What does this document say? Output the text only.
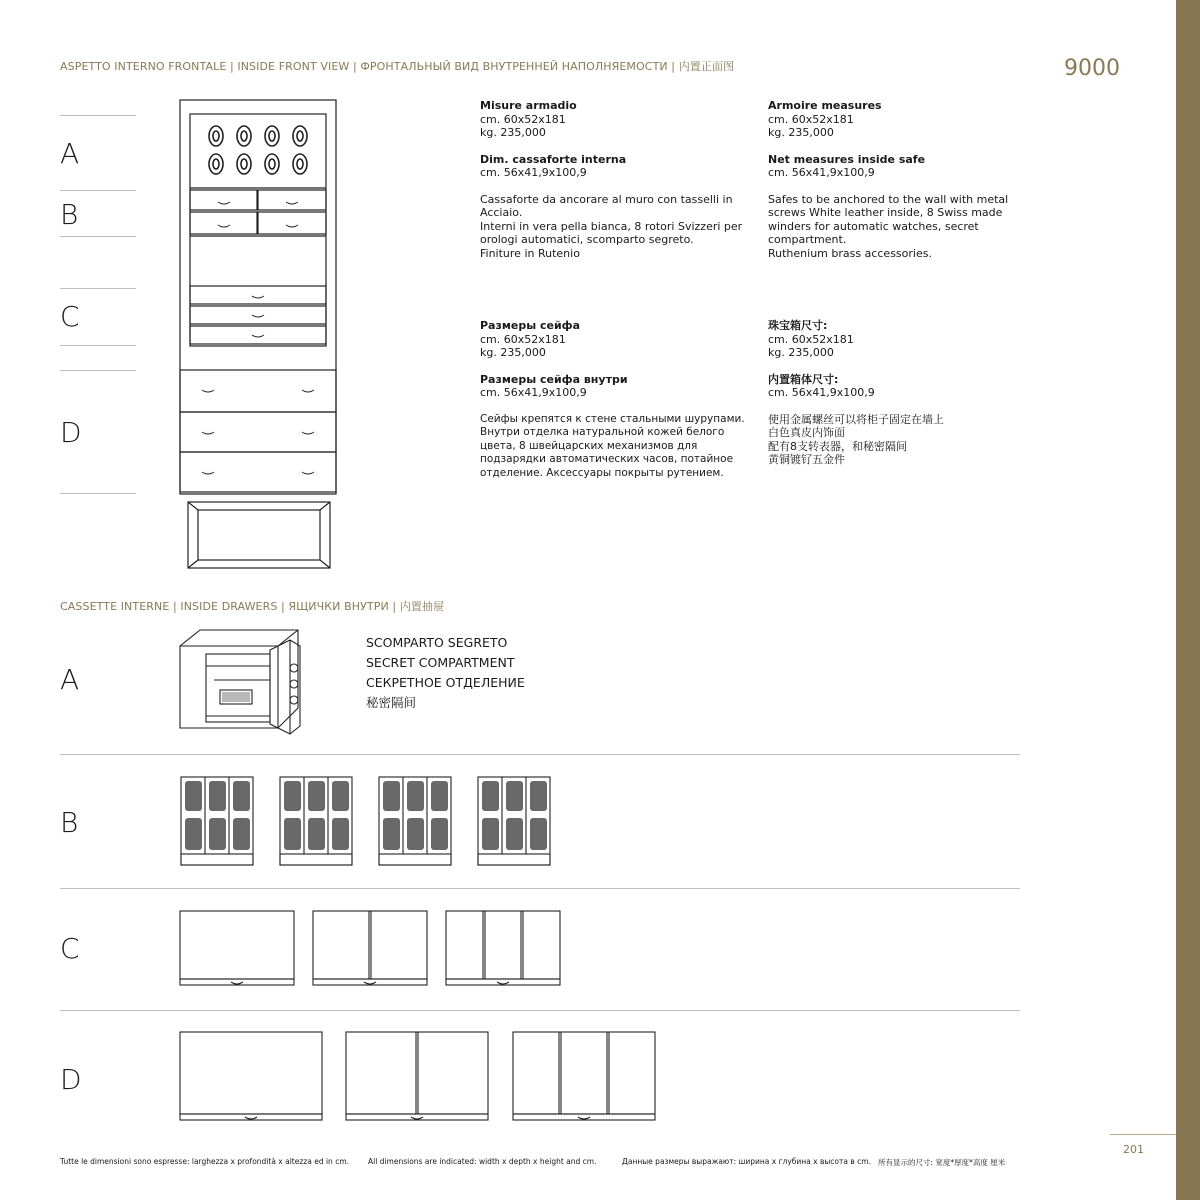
ASPETTO INTERNO FRONTALE | INSIDE FRONT VIEW | ФРОНТАЛЬНЫЙ ВИД ВНУТРЕННЕЙ НАПОЛНЯЕМОСТИ | 内置正面图	9000
A
B
C
D

Misure armadio

cm. 60x52x181

kg. 235,000

Dim. cassaforte interna

cm. 56x41,9x100,9

Cassaforte da ancorare al muro con tasselli in

Acciaio.

Interni in vera pella bianca, 8 rotori Svizzeri per

orologi automatici, scomparto segreto.

Finiture in Rutenio

Armoire measures

cm. 60x52x181

kg. 235,000

Net measures inside safe

cm. 56x41,9x100,9

Safes to be anchored to the wall with metal

screws White leather inside, 8 Swiss made

winders for automatic watches, secret

compartment.

Ruthenium brass accessories.

Размеры сейфа

cm. 60x52x181

kg. 235,000

Размеры сейфа внутри

cm. 56x41,9x100,9

Сейфы крепятся к стене стальными шурупами.

Внутри отделка натуральной кожей белого

цвета, 8 швейцарских механизмов для

подзарядки автоматических часов, потайное

отделение. Аксессуары покрыты рутением.

珠宝箱尺寸:

cm. 60x52x181

kg. 235,000

内置箱体尺寸:

cm. 56x41,9x100,9

使用金属螺丝可以将柜子固定在墙上

白色真皮内饰面

配有8支转表器，和秘密隔间

黄铜镀钌五金件

CASSETTE INTERNE | INSIDE DRAWERS | ЯЩИЧКИ ВНУТРИ | 内置抽屉
A
B
C
D
SCOMPARTO SEGRETO
SECRET COMPARTMENT
СЕКРЕТНОЕ ОТДЕЛЕНИЕ
秘密隔间
Tutte le dimensioni sono espresse: larghezza x profondità x altezza ed in cm.	All dimensions are indicated: width x depth x height and cm.	Данные размеры выражают: ширина x глубина x высота в cm. 所有显示的尺寸: 宽度*厚度*高度 厘米
201
